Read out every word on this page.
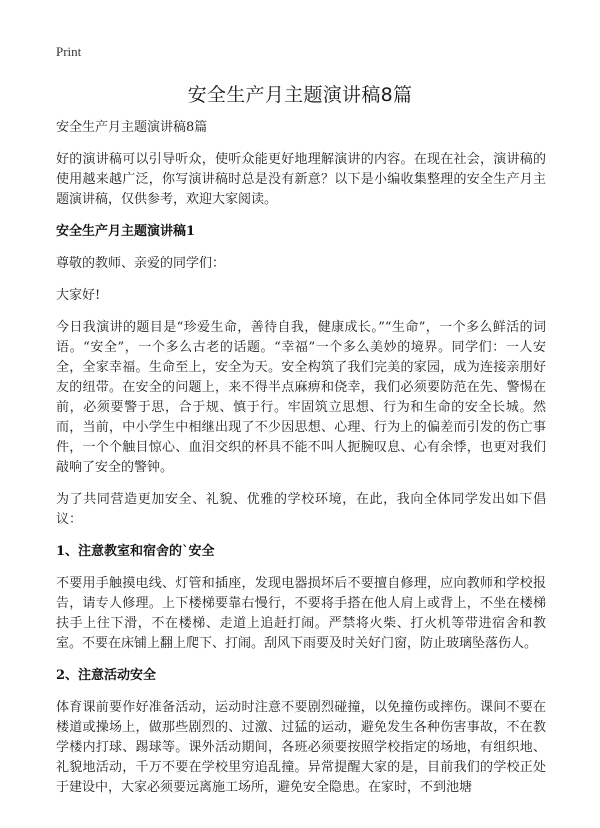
Print
安全生产月主题演讲稿8篇
安全生产月主题演讲稿8篇

好的演讲稿可以引导听众，使听众能更好地理解演讲的内容。在现在社会，演讲稿的使用越来越广泛，你写演讲稿时总是没有新意？以下是小编收集整理的安全生产月主题演讲稿，仅供参考，欢迎大家阅读。

安全生产月主题演讲稿1

尊敬的教师、亲爱的同学们：

大家好!

今日我演讲的题目是“珍爱生命，善待自我，健康成长。”“生命”，一个多么鲜活的词语。“安全”，一个多么古老的话题。“幸福”一个多么美妙的境界。同学们：一人安全，全家幸福。生命至上，安全为天。安全构筑了我们完美的家园，成为连接亲朋好友的纽带。在安全的问题上，来不得半点麻痹和侥幸，我们必须要防范在先、警惕在前，必须要警于思，合于规、慎于行。牢固筑立思想、行为和生命的安全长城。然而，当前，中小学生中相继出现了不少因思想、心理、行为上的偏差而引发的伤亡事件，一个个触目惊心、血泪交织的杯具不能不叫人扼腕叹息、心有余悸，也更对我们敲响了安全的警钟。

为了共同营造更加安全、礼貌、优雅的学校环境，在此，我向全体同学发出如下倡议：

1、注意教室和宿舍的`安全

不要用手触摸电线、灯管和插座，发现电器损坏后不要擅自修理，应向教师和学校报告，请专人修理。上下楼梯要靠右慢行，不要将手搭在他人肩上或背上，不坐在楼梯扶手上往下滑，不在楼梯、走道上追赶打闹。严禁将火柴、打火机等带进宿舍和教室。不要在床铺上翻上爬下、打闹。刮风下雨要及时关好门窗，防止玻璃坠落伤人。

2、注意活动安全

体育课前要作好准备活动，运动时注意不要剧烈碰撞，以免撞伤或摔伤。课间不要在楼道或操场上，做那些剧烈的、过激、过猛的运动，避免发生各种伤害事故，不在教学楼内打球、踢球等。课外活动期间，各班必须要按照学校指定的场地，有组织地、礼貌地活动，千万不要在学校里穷追乱撞。异常提醒大家的是，目前我们的学校正处于建设中，大家必须要远离施工场所，避免安全隐患。在家时，不到池塘
